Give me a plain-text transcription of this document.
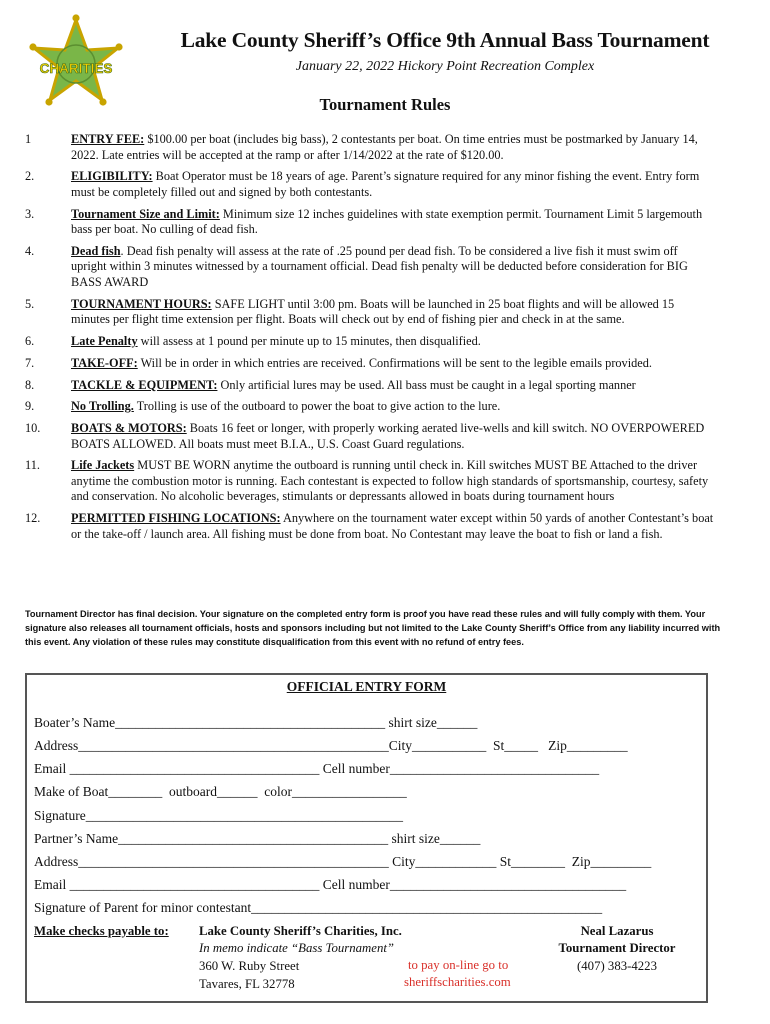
CHARITIES
Lake County Sheriff’s Office 9th Annual Bass Tournament
January 22, 2022 Hickory Point Recreation Complex
Tournament Rules
1	ENTRY FEE: $100.00 per boat (includes big bass), 2 contestants per boat. On time entries must be postmarked by January 14, 2022. Late entries will be accepted at the ramp or after 1/14/2022 at the rate of $120.00.
2.	ELIGIBILITY: Boat Operator must be 18 years of age. Parent’s signature required for any minor fishing the event. Entry form must be completely filled out and signed by both contestants.
3.	Tournament Size and Limit: Minimum size 12 inches guidelines with state exemption permit. Tournament Limit 5 largemouth bass per boat. No culling of dead fish.
4.	Dead fish. Dead fish penalty will assess at the rate of .25 pound per dead fish. To be considered a live fish it must swim off upright within 3 minutes witnessed by a tournament official. Dead fish penalty will be deducted before consideration for BIG BASS AWARD
5.	TOURNAMENT HOURS: SAFE LIGHT until 3:00 pm. Boats will be launched in 25 boat flights and will be allowed 15 minutes per flight time extension per flight. Boats will check out by end of fishing pier and check in at the same.
6.	Late Penalty will assess at 1 pound per minute up to 15 minutes, then disqualified.
7.	TAKE-OFF: Will be in order in which entries are received. Confirmations will be sent to the legible emails provided.
8.	TACKLE & EQUIPMENT: Only artificial lures may be used. All bass must be caught in a legal sporting manner
9.	No Trolling. Trolling is use of the outboard to power the boat to give action to the lure.
10.	BOATS & MOTORS: Boats 16 feet or longer, with properly working aerated live-wells and kill switch. NO OVERPOWERED BOATS ALLOWED. All boats must meet B.I.A., U.S. Coast Guard regulations.
11.	Life Jackets MUST BE WORN anytime the outboard is running until check in. Kill switches MUST BE Attached to the driver anytime the combustion motor is running. Each contestant is expected to follow high standards of sportsmanship, courtesy, safety and conservation. No alcoholic beverages, stimulants or depressants allowed in boats during tournament hours
12.	PERMITTED FISHING LOCATIONS: Anywhere on the tournament water except within 50 yards of another Contestant’s boat or the take-off / launch area. All fishing must be done from boat. No Contestant may leave the boat to fish or land a fish.
Tournament Director has final decision. Your signature on the completed entry form is proof you have read these rules and will fully comply with them. Your signature also releases all tournament officials, hosts and sponsors including but not limited to the Lake County Sheriff’s Office from any liability incurred with this event. Any violation of these rules may constitute disqualification from this event with no refund of entry fees.
OFFICIAL ENTRY FORM
Boater’s Name________________________________________ shirt size______
Address______________________________________________City___________  St_____   Zip_________
Email _____________________________________ Cell number_______________________________
Make of Boat________  outboard______  color_________________
Signature_______________________________________________
Partner’s Name________________________________________ shirt size______
Address______________________________________________ City____________ St________  Zip_________
Email _____________________________________ Cell number___________________________________
Signature of Parent for minor contestant____________________________________________________
Make checks payable to: Lake County Sheriff’s Charities, Inc.
In memo indicate “Bass Tournament”
360 W. Ruby Street
Tavares, FL 32778
to pay on-line go to
sheriffscharities.com
Neal Lazarus
Tournament Director
(407) 383-4223
